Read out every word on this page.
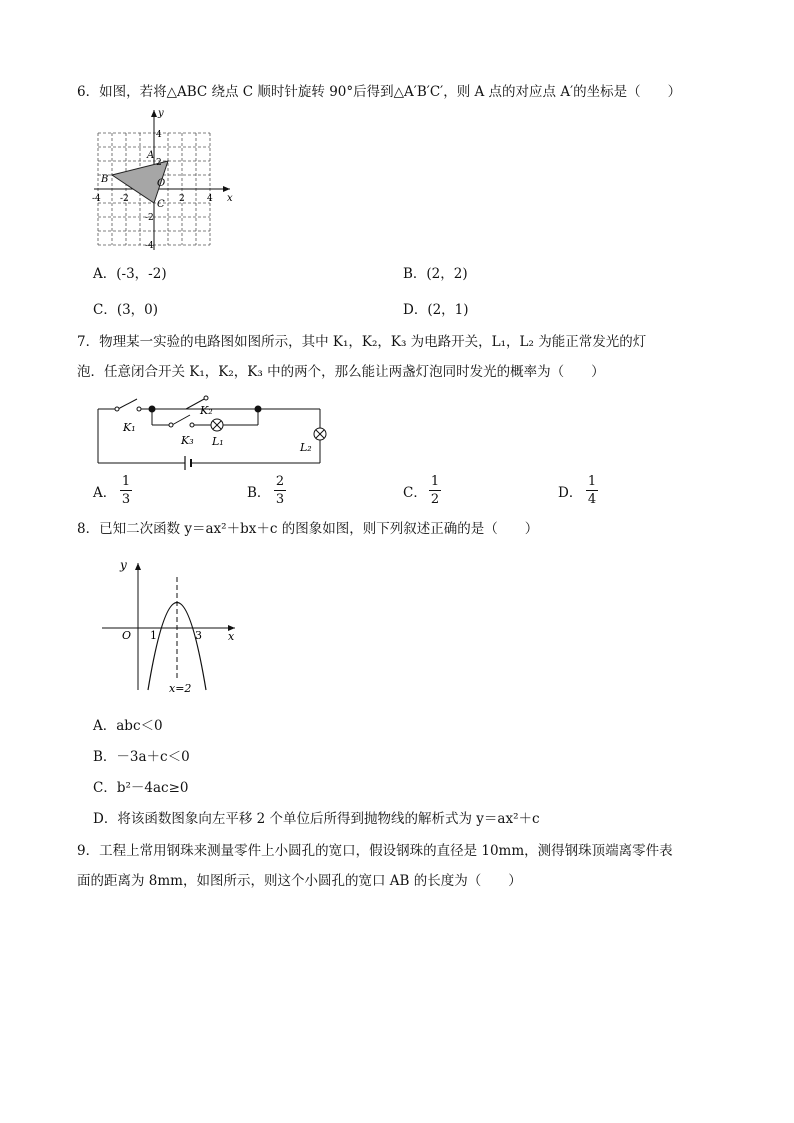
6．如图，若将△ABC 绕点 C 顺时针旋转 90°后得到△A′B′C′，则 A 点的对应点 A′的坐标是（　　）
y
x
A
B
C
O
-4 -2	2 4
4
2
-2
-4
A．(-3，-2)	B．(2，2)
C．(3，0)	D．(2，1)
7．物理某一实验的电路图如图所示，其中 K₁，K₂，K₃ 为电路开关，L₁，L₂ 为能正常发光的灯
泡．任意闭合开关 K₁，K₂，K₃ 中的两个，那么能让两盏灯泡同时发光的概率为（　　）
K₁
K₂
K₃ L₁	L₂
A．
1
3	B．
2
3	C．
1
2	D．
1
4
8．已知二次函数 y＝ax²＋bx＋c 的图象如图，则下列叙述正确的是（　　）
y
x
O 1	3
x=2
A．abc＜0
B．－3a＋c＜0
C．b²－4ac≥0
D．将该函数图象向左平移 2 个单位后所得到抛物线的解析式为 y＝ax²＋c
9．工程上常用钢珠来测量零件上小圆孔的宽口，假设钢珠的直径是 10mm，测得钢珠顶端离零件表
面的距离为 8mm，如图所示，则这个小圆孔的宽口 AB 的长度为（　　）
